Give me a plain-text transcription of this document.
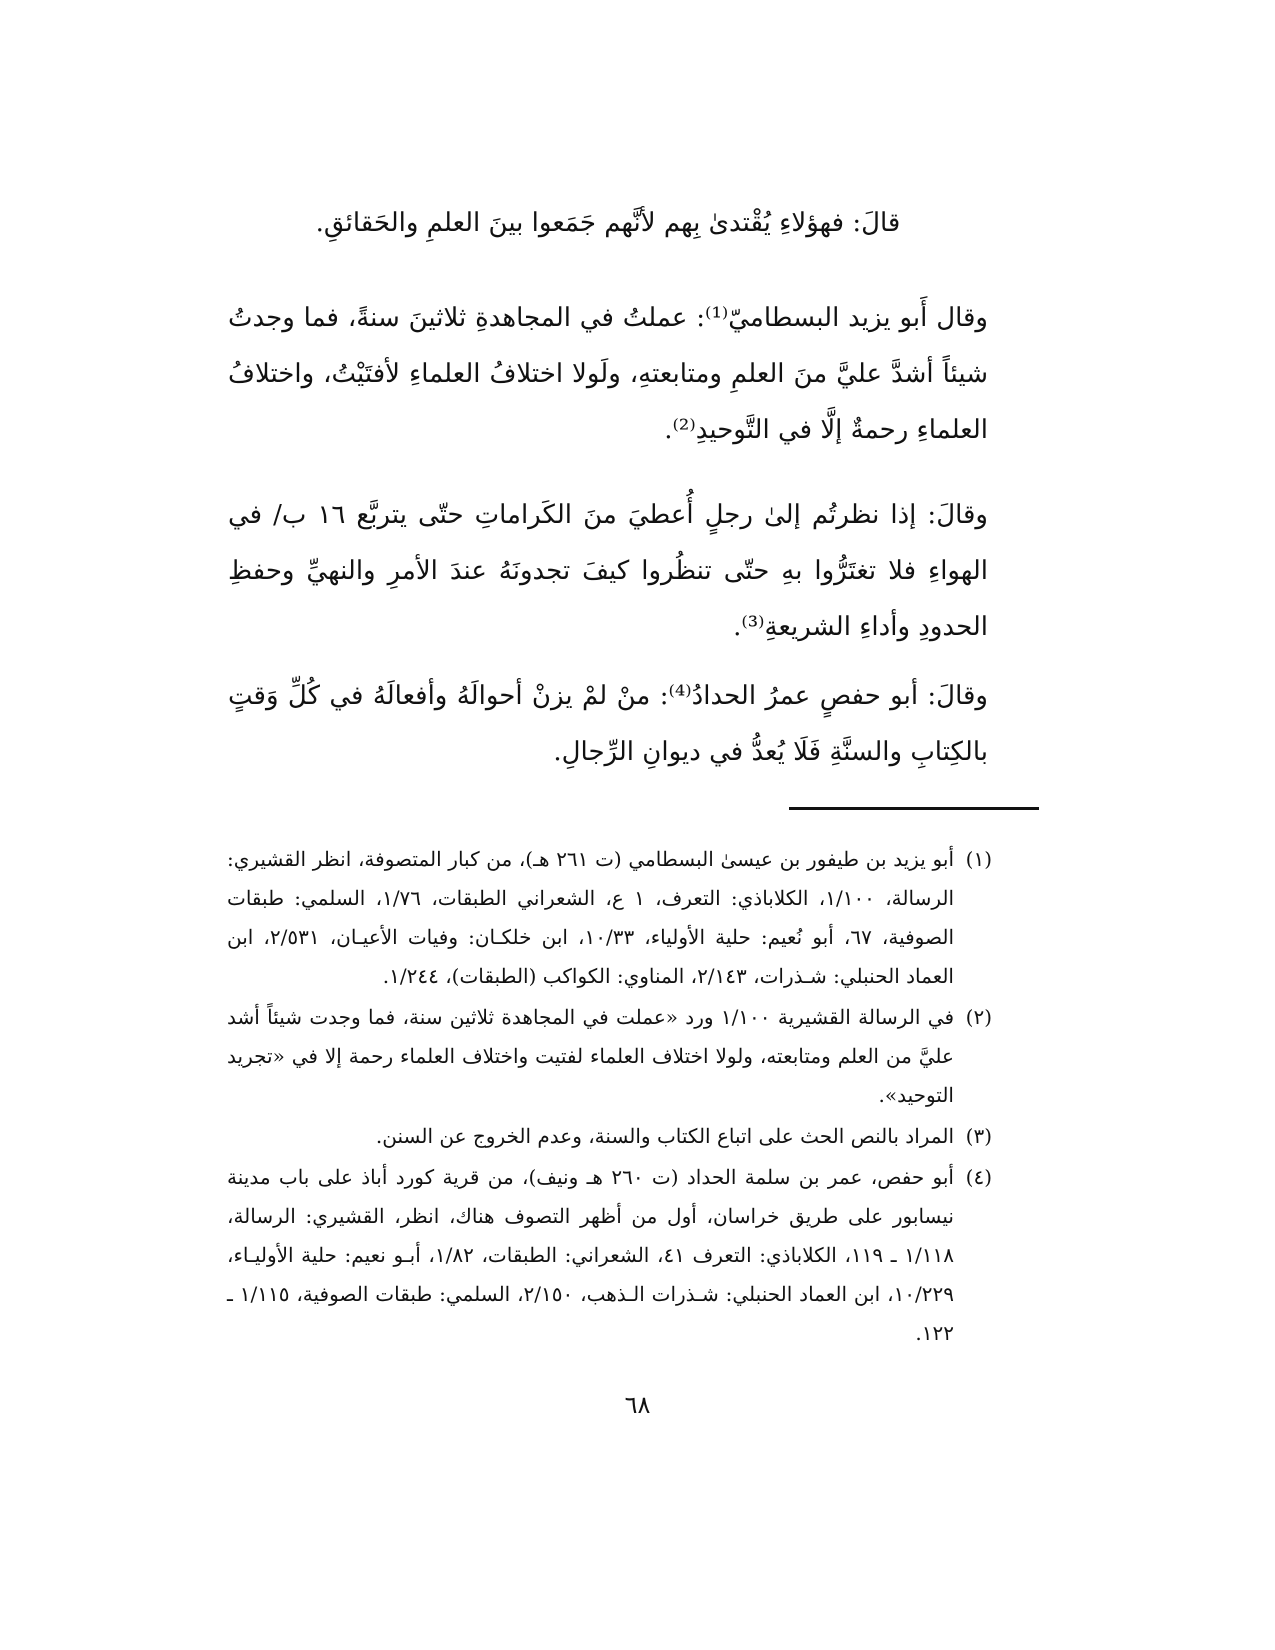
قالَ: فهؤلاءِ يُقْتدىٰ بِهم لأنَّهم جَمَعوا بينَ العلمِ والحَقائقِ.

وقال أَبو يزيد البسطاميّ⁽¹⁾: عملتُ في المجاهدةِ ثلاثينَ سنةً، فما وجدتُ شيئاً أشدَّ عليَّ منَ العلمِ ومتابعتهِ، ولَولا اختلافُ العلماءِ لأفتَيْتُ، واختلافُ العلماءِ رحمةٌ إلَّا في التَّوحيدِ⁽²⁾.

وقالَ: إذا نظرتُم إلىٰ رجلٍ أُعطيَ منَ الكَراماتِ حتّى يتربَّع ١٦ ب/ في الهواءِ فلا تغتَرُّوا بهِ حتّى تنظُروا كيفَ تجدونَهُ عندَ الأمرِ والنهيِّ وحفظِ الحدودِ وأداءِ الشريعةِ⁽³⁾.

وقالَ: أبو حفصٍ عمرُ الحدادُ⁽⁴⁾: منْ لمْ يزنْ أحوالَهُ وأفعالَهُ في كُلِّ وَقتٍ بالكِتابِ والسنَّةِ فَلَا يُعدُّ في ديوانِ الرِّجالِ.

(١)
أبو يزيد بن طيفور بن عيسىٰ البسطامي (ت ٢٦١ هـ)، من كبار المتصوفة، انظر القشيري: الرسالة، ١/١٠٠، الكلاباذي: التعرف، ١ ع، الشعراني الطبقات، ١/٧٦، السلمي: طبقات الصوفية، ٦٧، أبو نُعيم: حلية الأولياء، ١٠/٣٣، ابن خلكـان: وفيات الأعيـان، ٢/٥٣١، ابن العماد الحنبلي: شـذرات، ٢/١٤٣، المناوي: الكواكب (الطبقات)، ١/٢٤٤.
(٢)
في الرسالة القشيرية ١/١٠٠ ورد «عملت في المجاهدة ثلاثين سنة، فما وجدت شيئاً أشد عليَّ من العلم ومتابعته، ولولا اختلاف العلماء لفتيت واختلاف العلماء رحمة إلا في «تجريد التوحيد».
(٣)
المراد بالنص الحث على اتباع الكتاب والسنة، وعدم الخروج عن السنن.
(٤)
أبو حفص، عمر بن سلمة الحداد (ت ٢٦٠ هـ ونيف)، من قرية كورد أباذ على باب مدينة نيسابور على طريق خراسان، أول من أظهر التصوف هناك، انظر، القشيري: الرسالة، ١/١١٨ ـ ١١٩، الكلاباذي: التعرف ٤١، الشعراني: الطبقات، ١/٨٢، أبـو نعيم: حلية الأوليـاء، ١٠/٢٢٩، ابن العماد الحنبلي: شـذرات الـذهب، ٢/١٥٠، السلمي: طبقات الصوفية، ١/١١٥ ـ ١٢٢.
٦٨
